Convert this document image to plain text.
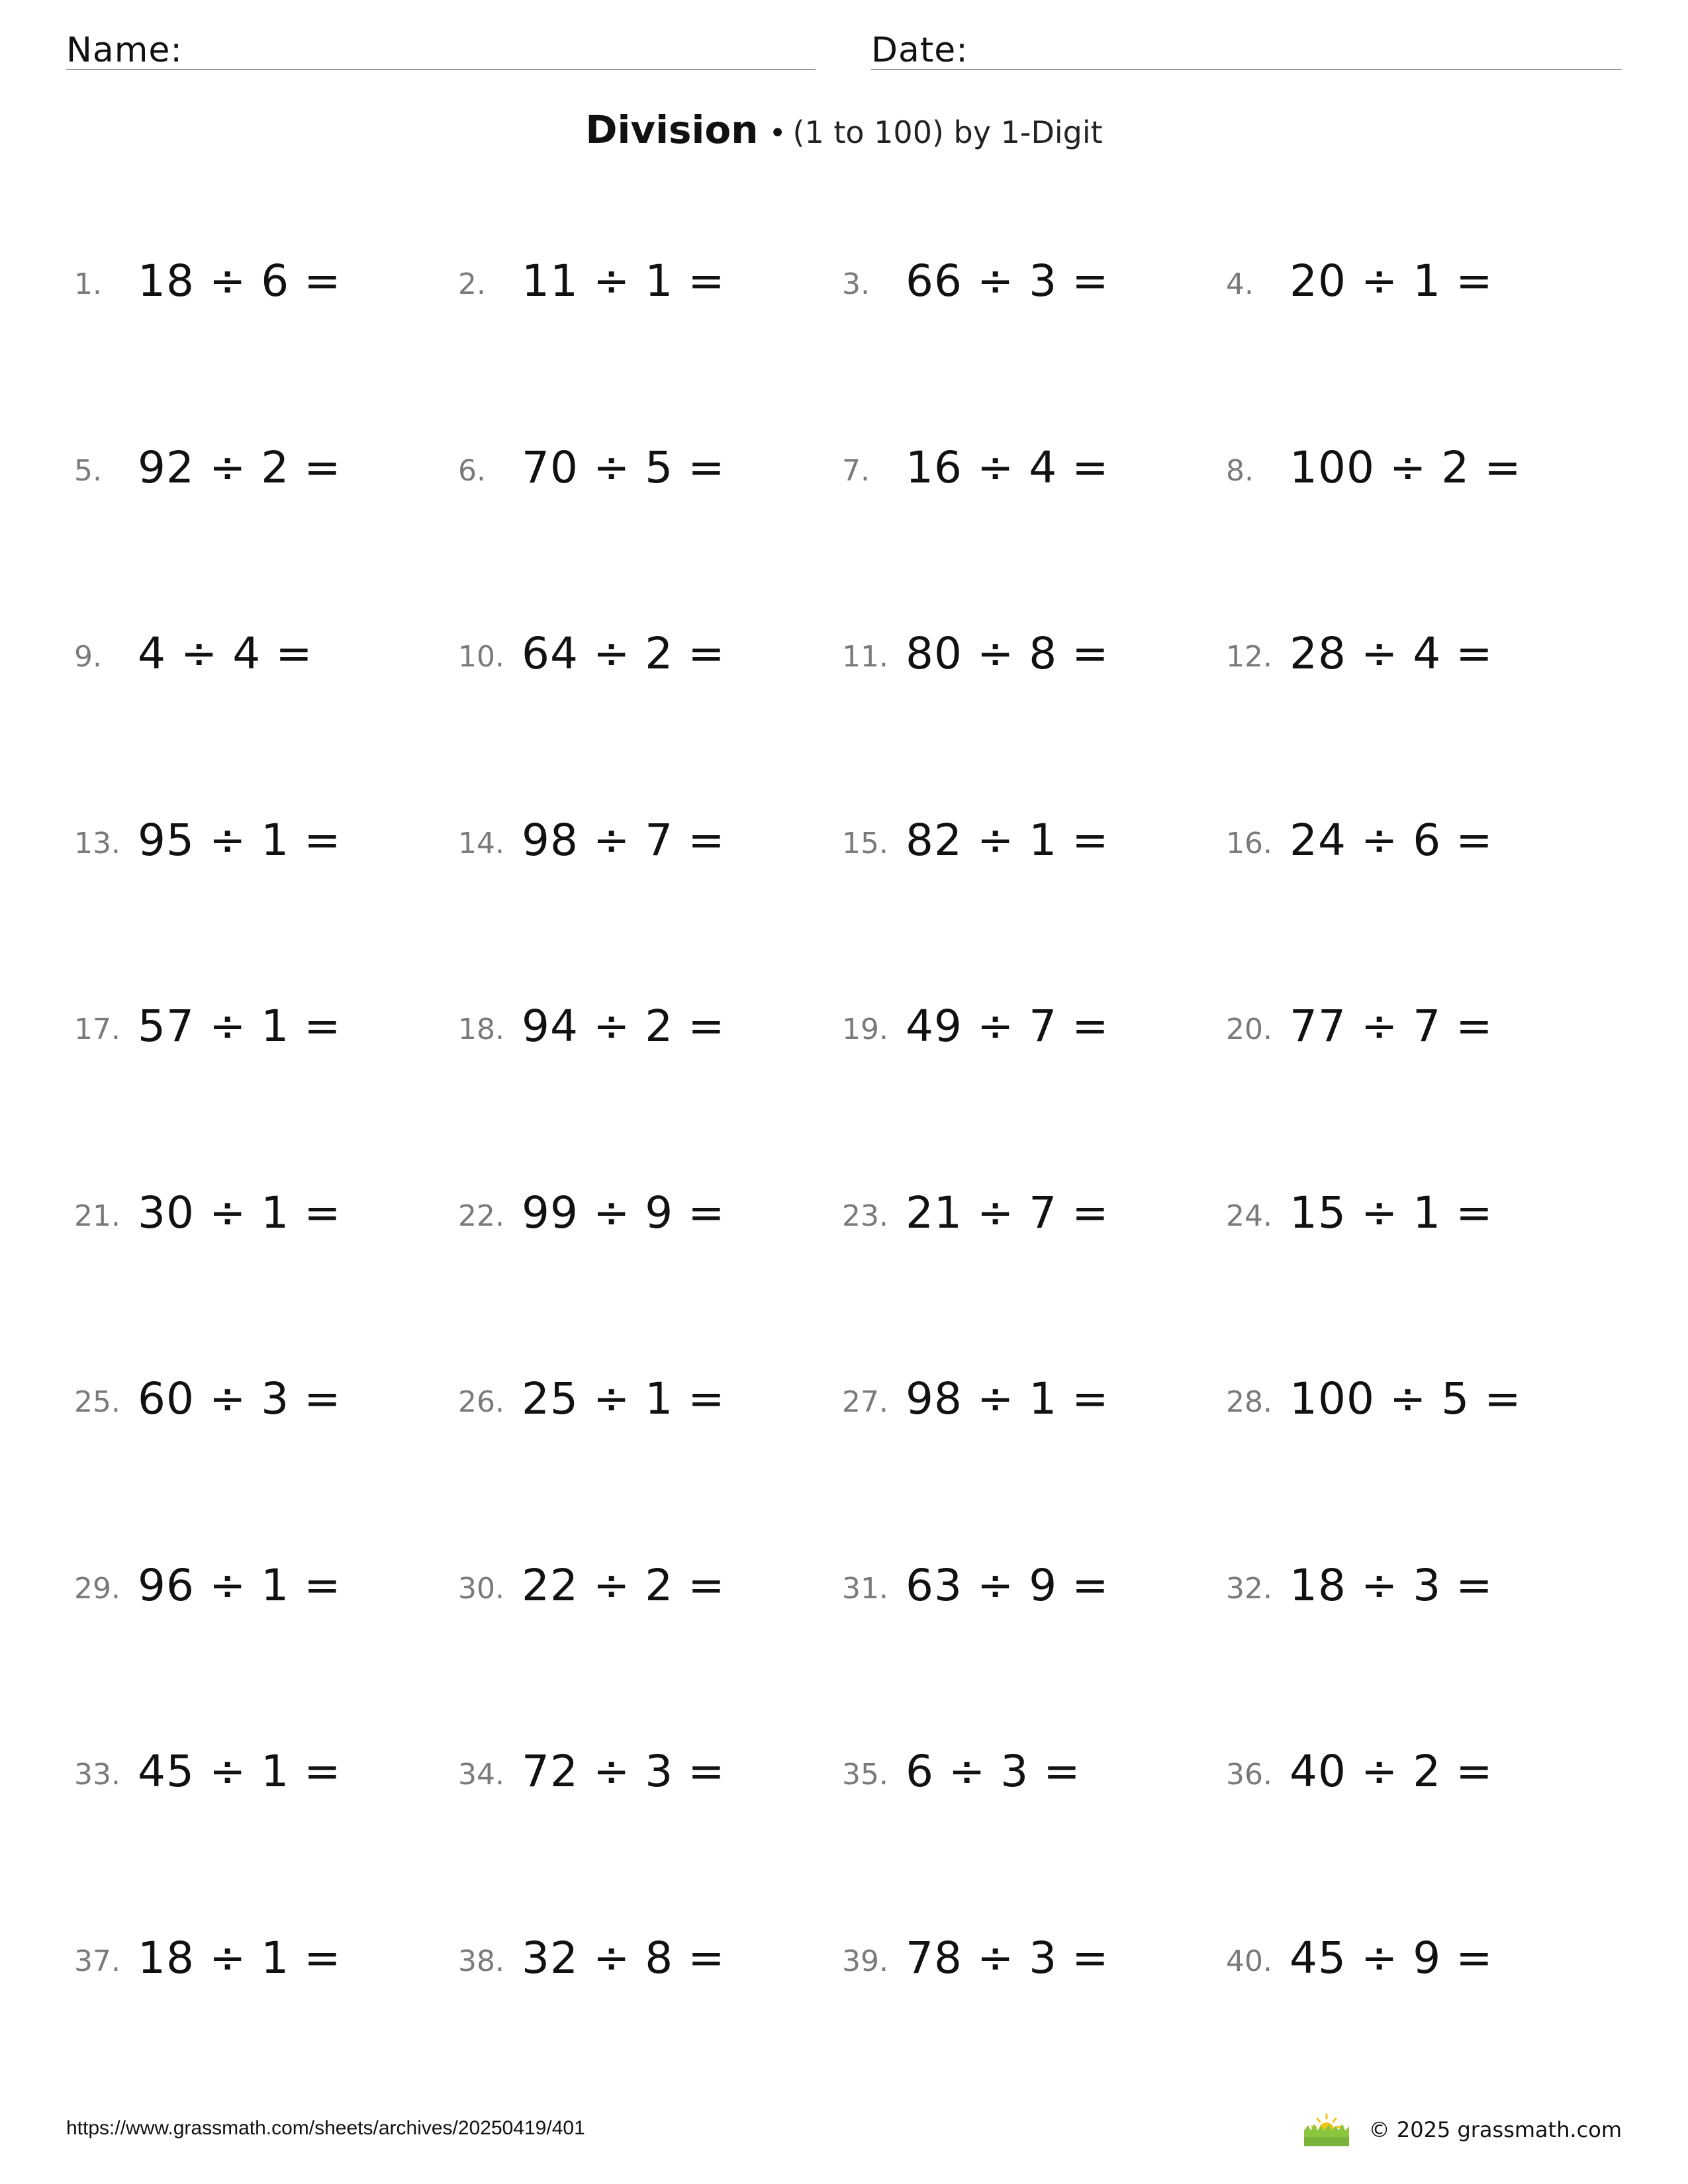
Name:	Date:
Division • (1 to 100) by 1-Digit
1. 18 ÷ 6 =	2. 11 ÷ 1 =	3. 66 ÷ 3 =	4. 20 ÷ 1 =
5. 92 ÷ 2 =	6. 70 ÷ 5 =	7. 16 ÷ 4 =	8. 100 ÷ 2 =
9. 4 ÷ 4 =	10. 64 ÷ 2 =	11. 80 ÷ 8 =	12. 28 ÷ 4 =
13. 95 ÷ 1 =	14. 98 ÷ 7 =	15. 82 ÷ 1 =	16. 24 ÷ 6 =
17. 57 ÷ 1 =	18. 94 ÷ 2 =	19. 49 ÷ 7 =	20. 77 ÷ 7 =
21. 30 ÷ 1 =	22. 99 ÷ 9 =	23. 21 ÷ 7 =	24. 15 ÷ 1 =
25. 60 ÷ 3 =	26. 25 ÷ 1 =	27. 98 ÷ 1 =	28. 100 ÷ 5 =
29. 96 ÷ 1 =	30. 22 ÷ 2 =	31. 63 ÷ 9 =	32. 18 ÷ 3 =
33. 45 ÷ 1 =	34. 72 ÷ 3 =	35. 6 ÷ 3 =	36. 40 ÷ 2 =
37. 18 ÷ 1 =	38. 32 ÷ 8 =	39. 78 ÷ 3 =	40. 45 ÷ 9 =
https://www.grassmath.com/sheets/archives/20250419/401	© 2025 grassmath.com
